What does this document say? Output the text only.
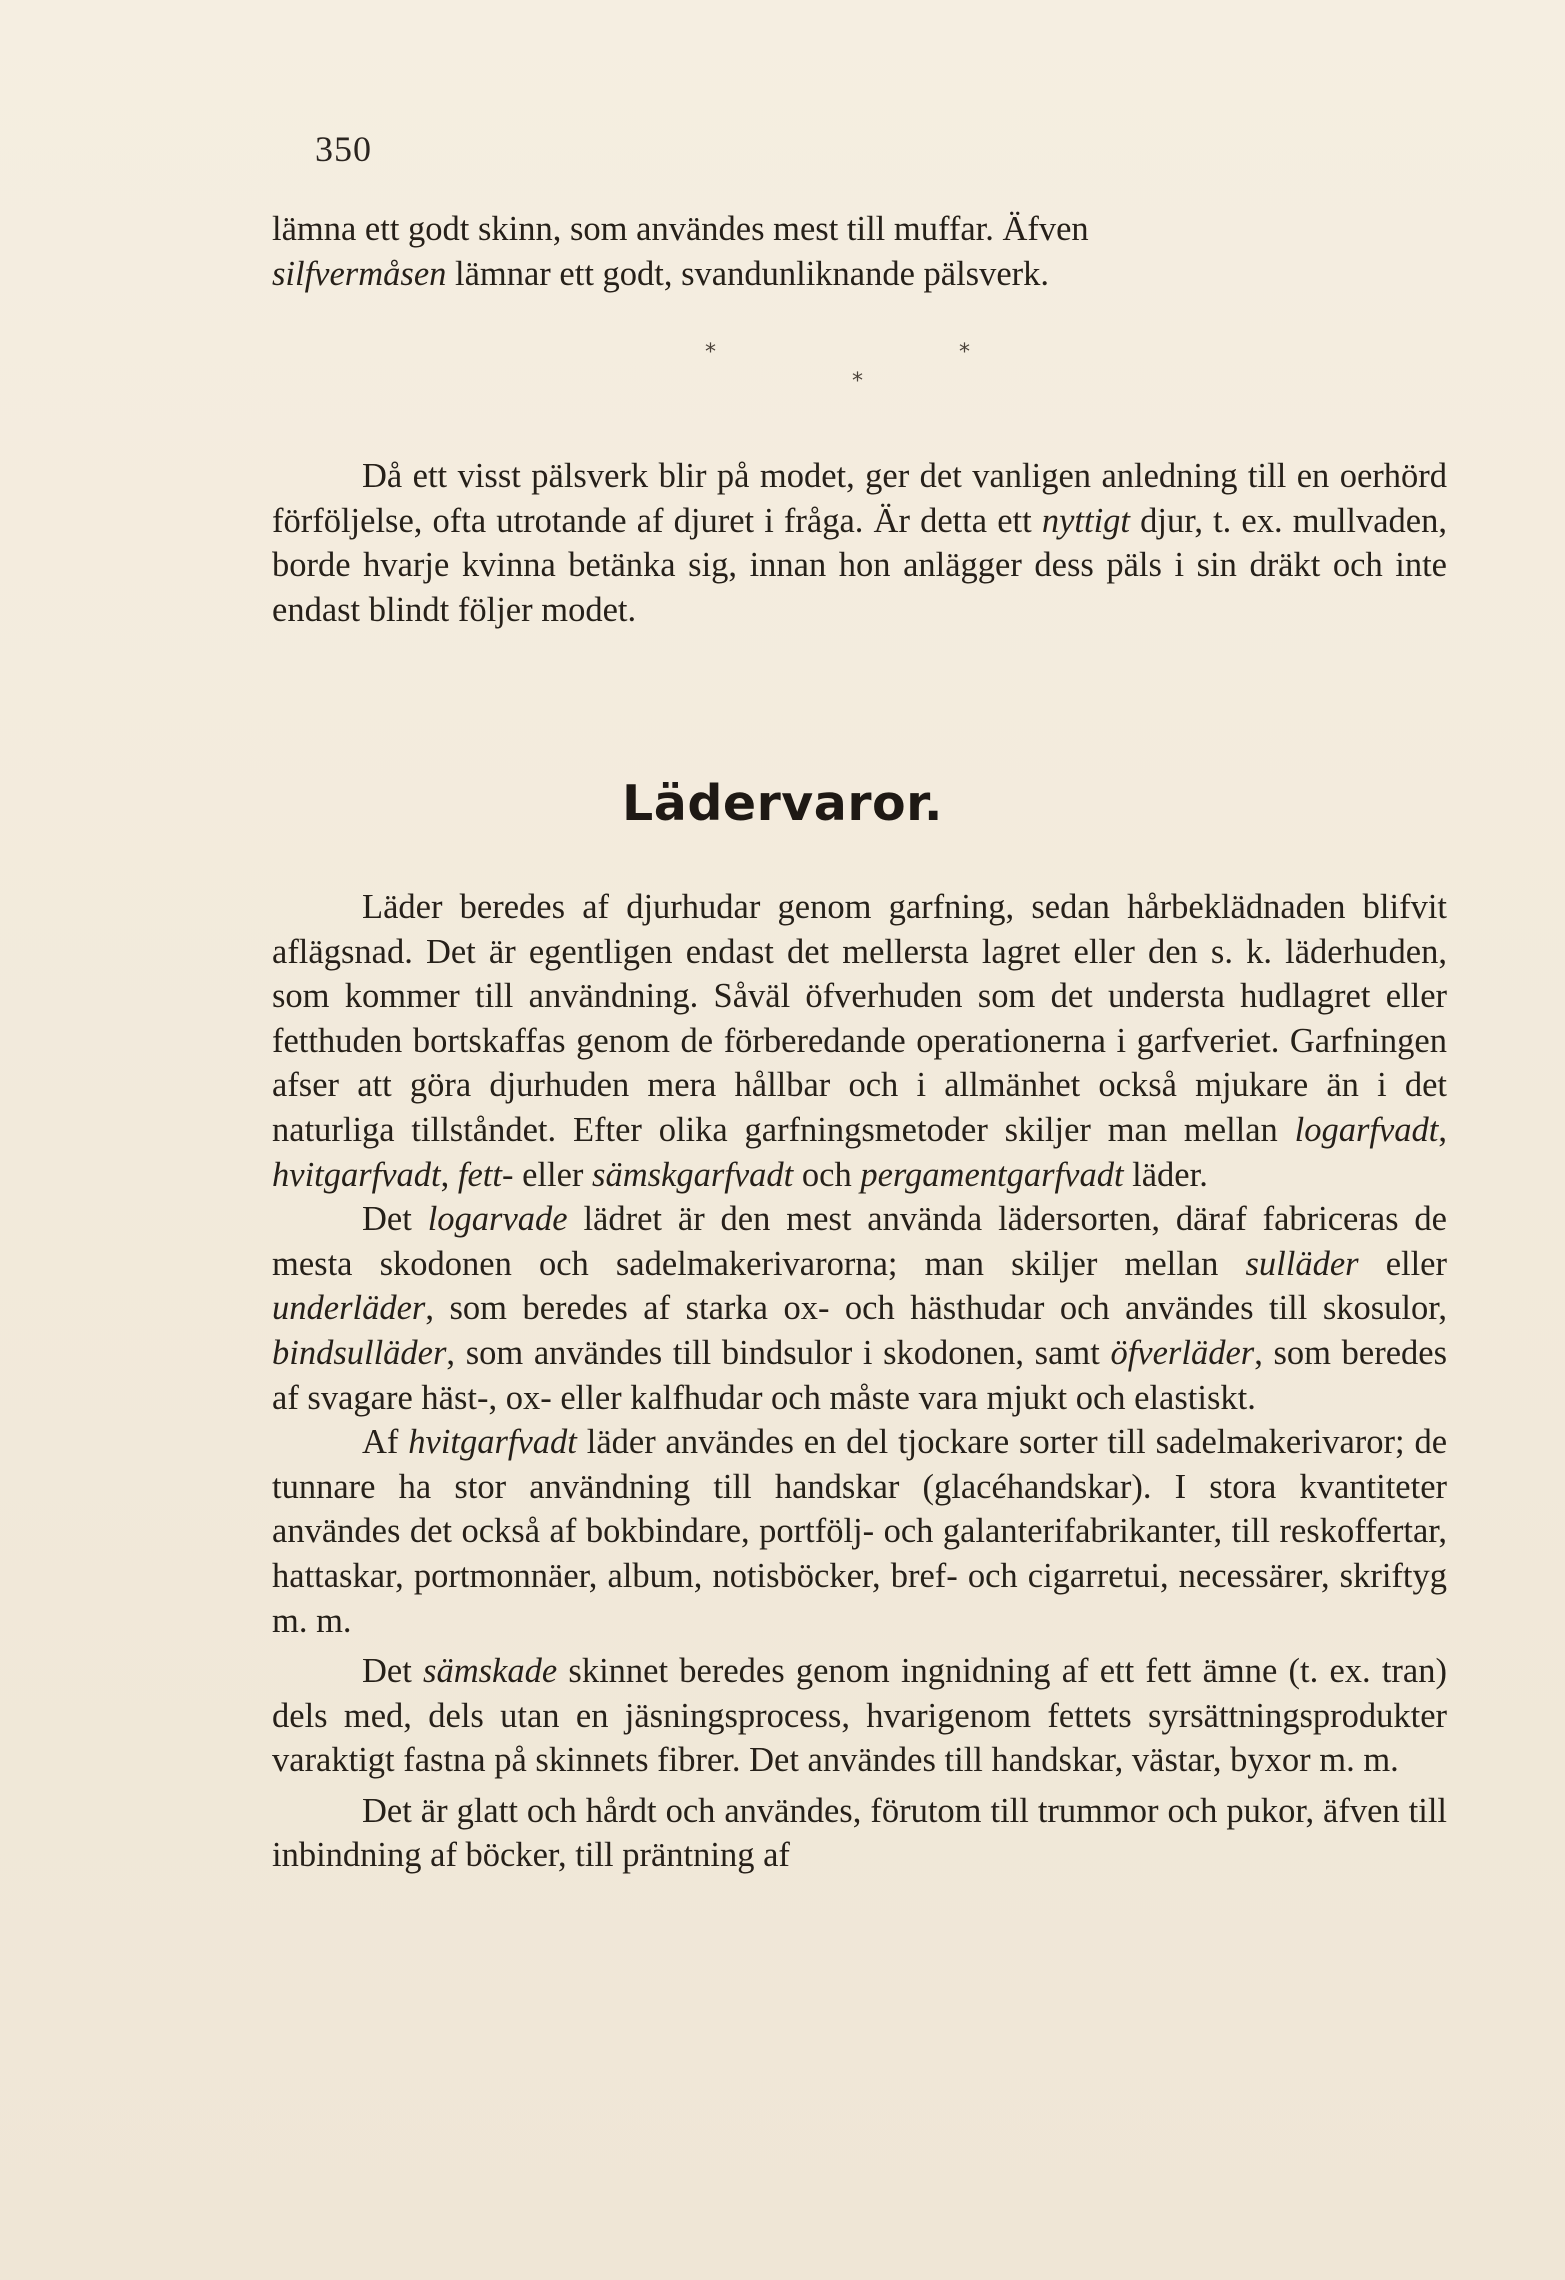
350

lämna ett godt skinn, som användes mest till muffar. Äfven
silfvermåsen lämnar ett godt, svandunliknande pälsverk.

*	*
*

Då ett visst pälsverk blir på modet, ger det vanligen anledning till en oerhörd förföljelse, ofta utrotande af djuret i fråga. Är detta ett nyttigt djur, t. ex. mullvaden, borde hvarje kvinna betänka sig, innan hon anlägger dess päls i sin dräkt och inte endast blindt följer modet.

Lädervaror.

Läder beredes af djurhudar genom garfning, sedan hårbeklädnaden blifvit aflägsnad. Det är egentligen endast det mellersta lagret eller den s. k. läderhuden, som kommer till användning. Såväl öfverhuden som det understa hudlagret eller fetthuden bortskaffas genom de förberedande operationerna i garfveriet. Garfningen afser att göra djurhuden mera hållbar och i allmänhet också mjukare än i det naturliga tillståndet. Efter olika garfningsmetoder skiljer man mellan logarfvadt, hvitgarfvadt, fett- eller sämskgarfvadt och pergamentgarfvadt läder.

Det logarvade lädret är den mest använda lädersorten, däraf fabriceras de mesta skodonen och sadelmakerivarorna; man skiljer mellan sulläder eller underläder, som beredes af starka ox- och hästhudar och användes till skosulor, bindsulläder, som användes till bindsulor i skodonen, samt öfverläder, som beredes af svagare häst-, ox- eller kalfhudar och måste vara mjukt och elastiskt.

Af hvitgarfvadt läder användes en del tjockare sorter till sadelmakerivaror; de tunnare ha stor användning till handskar (glacéhandskar). I stora kvantiteter användes det också af bokbindare, portfölj- och galanterifabrikanter, till reskoffertar, hattaskar, portmonnäer, album, notisböcker, bref- och cigarretui, necessärer, skriftyg m. m.

Det sämskade skinnet beredes genom ingnidning af ett fett ämne (t. ex. tran) dels med, dels utan en jäsningsprocess, hvarigenom fettets syrsättningsprodukter varaktigt fastna på skinnets fibrer. Det användes till handskar, västar, byxor m. m.

Det är glatt och hårdt och användes, förutom till trummor och pukor, äfven till inbindning af böcker, till präntning af
